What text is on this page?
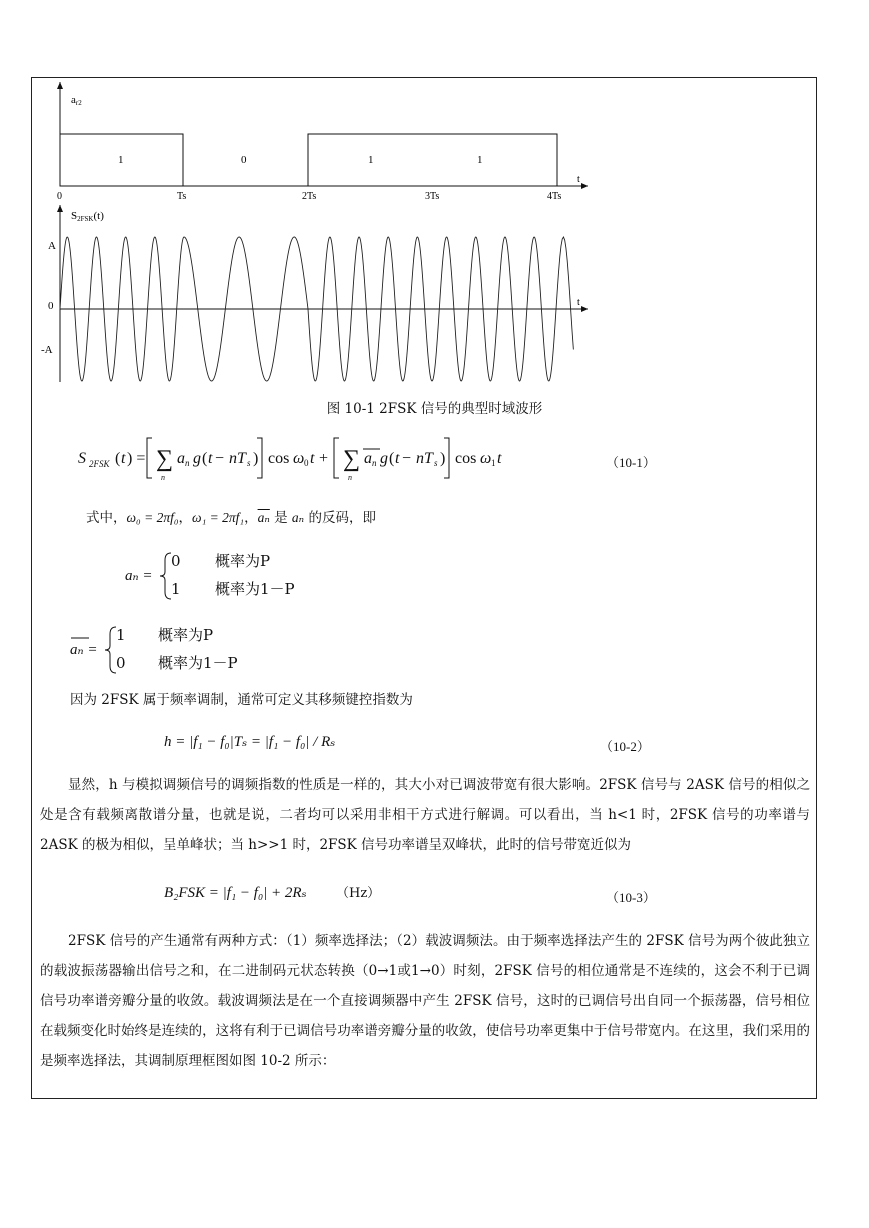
ar2
t
1	0	1	1
0	Ts	2Ts	3Ts	4Ts
S2FSK(t)
t
A
0
-A
图 10-1 2FSK 信号的典型时域波形
S 2FSK ( t ) = ∑
n
a n g ( t − nT s ) cos ω 0 t + ∑
n
a n g ( t − nT s ) cos ω 1 t	（10-1）
式中，ω₀ = 2πf₀，ω₁ = 2πf₁，$\overline{a_n}$ 是 aₙ 的反码，即
aₙ =
0 概率为P
1 概率为1－P
aₙ =
1 概率为P
0 概率为1－P
因为 2FSK 属于频率调制，通常可定义其移频键控指数为
h = |f₁ − f₀|Tₛ = |f₁ − f₀| / Rₛ	（10-2）
显然，h 与模拟调频信号的调频指数的性质是一样的，其大小对已调波带宽有很大影响。2FSK 信号与 2ASK 信号的相似之处是含有载频离散谱分量，也就是说，二者均可以采用非相干方式进行解调。可以看出，当 h<1 时，2FSK 信号的功率谱与 2ASK 的极为相似，呈单峰状；当 h>>1 时，2FSK 信号功率谱呈双峰状，此时的信号带宽近似为
B₂FSK = |f₁ − f₀| + 2Rₛ （Hz）	（10-3）
2FSK 信号的产生通常有两种方式：（1）频率选择法；（2）载波调频法。由于频率选择法产生的 2FSK 信号为两个彼此独立的载波振荡器输出信号之和，在二进制码元状态转换（0→1或1→0）时刻，2FSK 信号的相位通常是不连续的，这会不利于已调信号功率谱旁瓣分量的收敛。载波调频法是在一个直接调频器中产生 2FSK 信号，这时的已调信号出自同一个振荡器，信号相位在载频变化时始终是连续的，这将有利于已调信号功率谱旁瓣分量的收敛，使信号功率更集中于信号带宽内。在这里，我们采用的是频率选择法，其调制原理框图如图 10-2 所示：
